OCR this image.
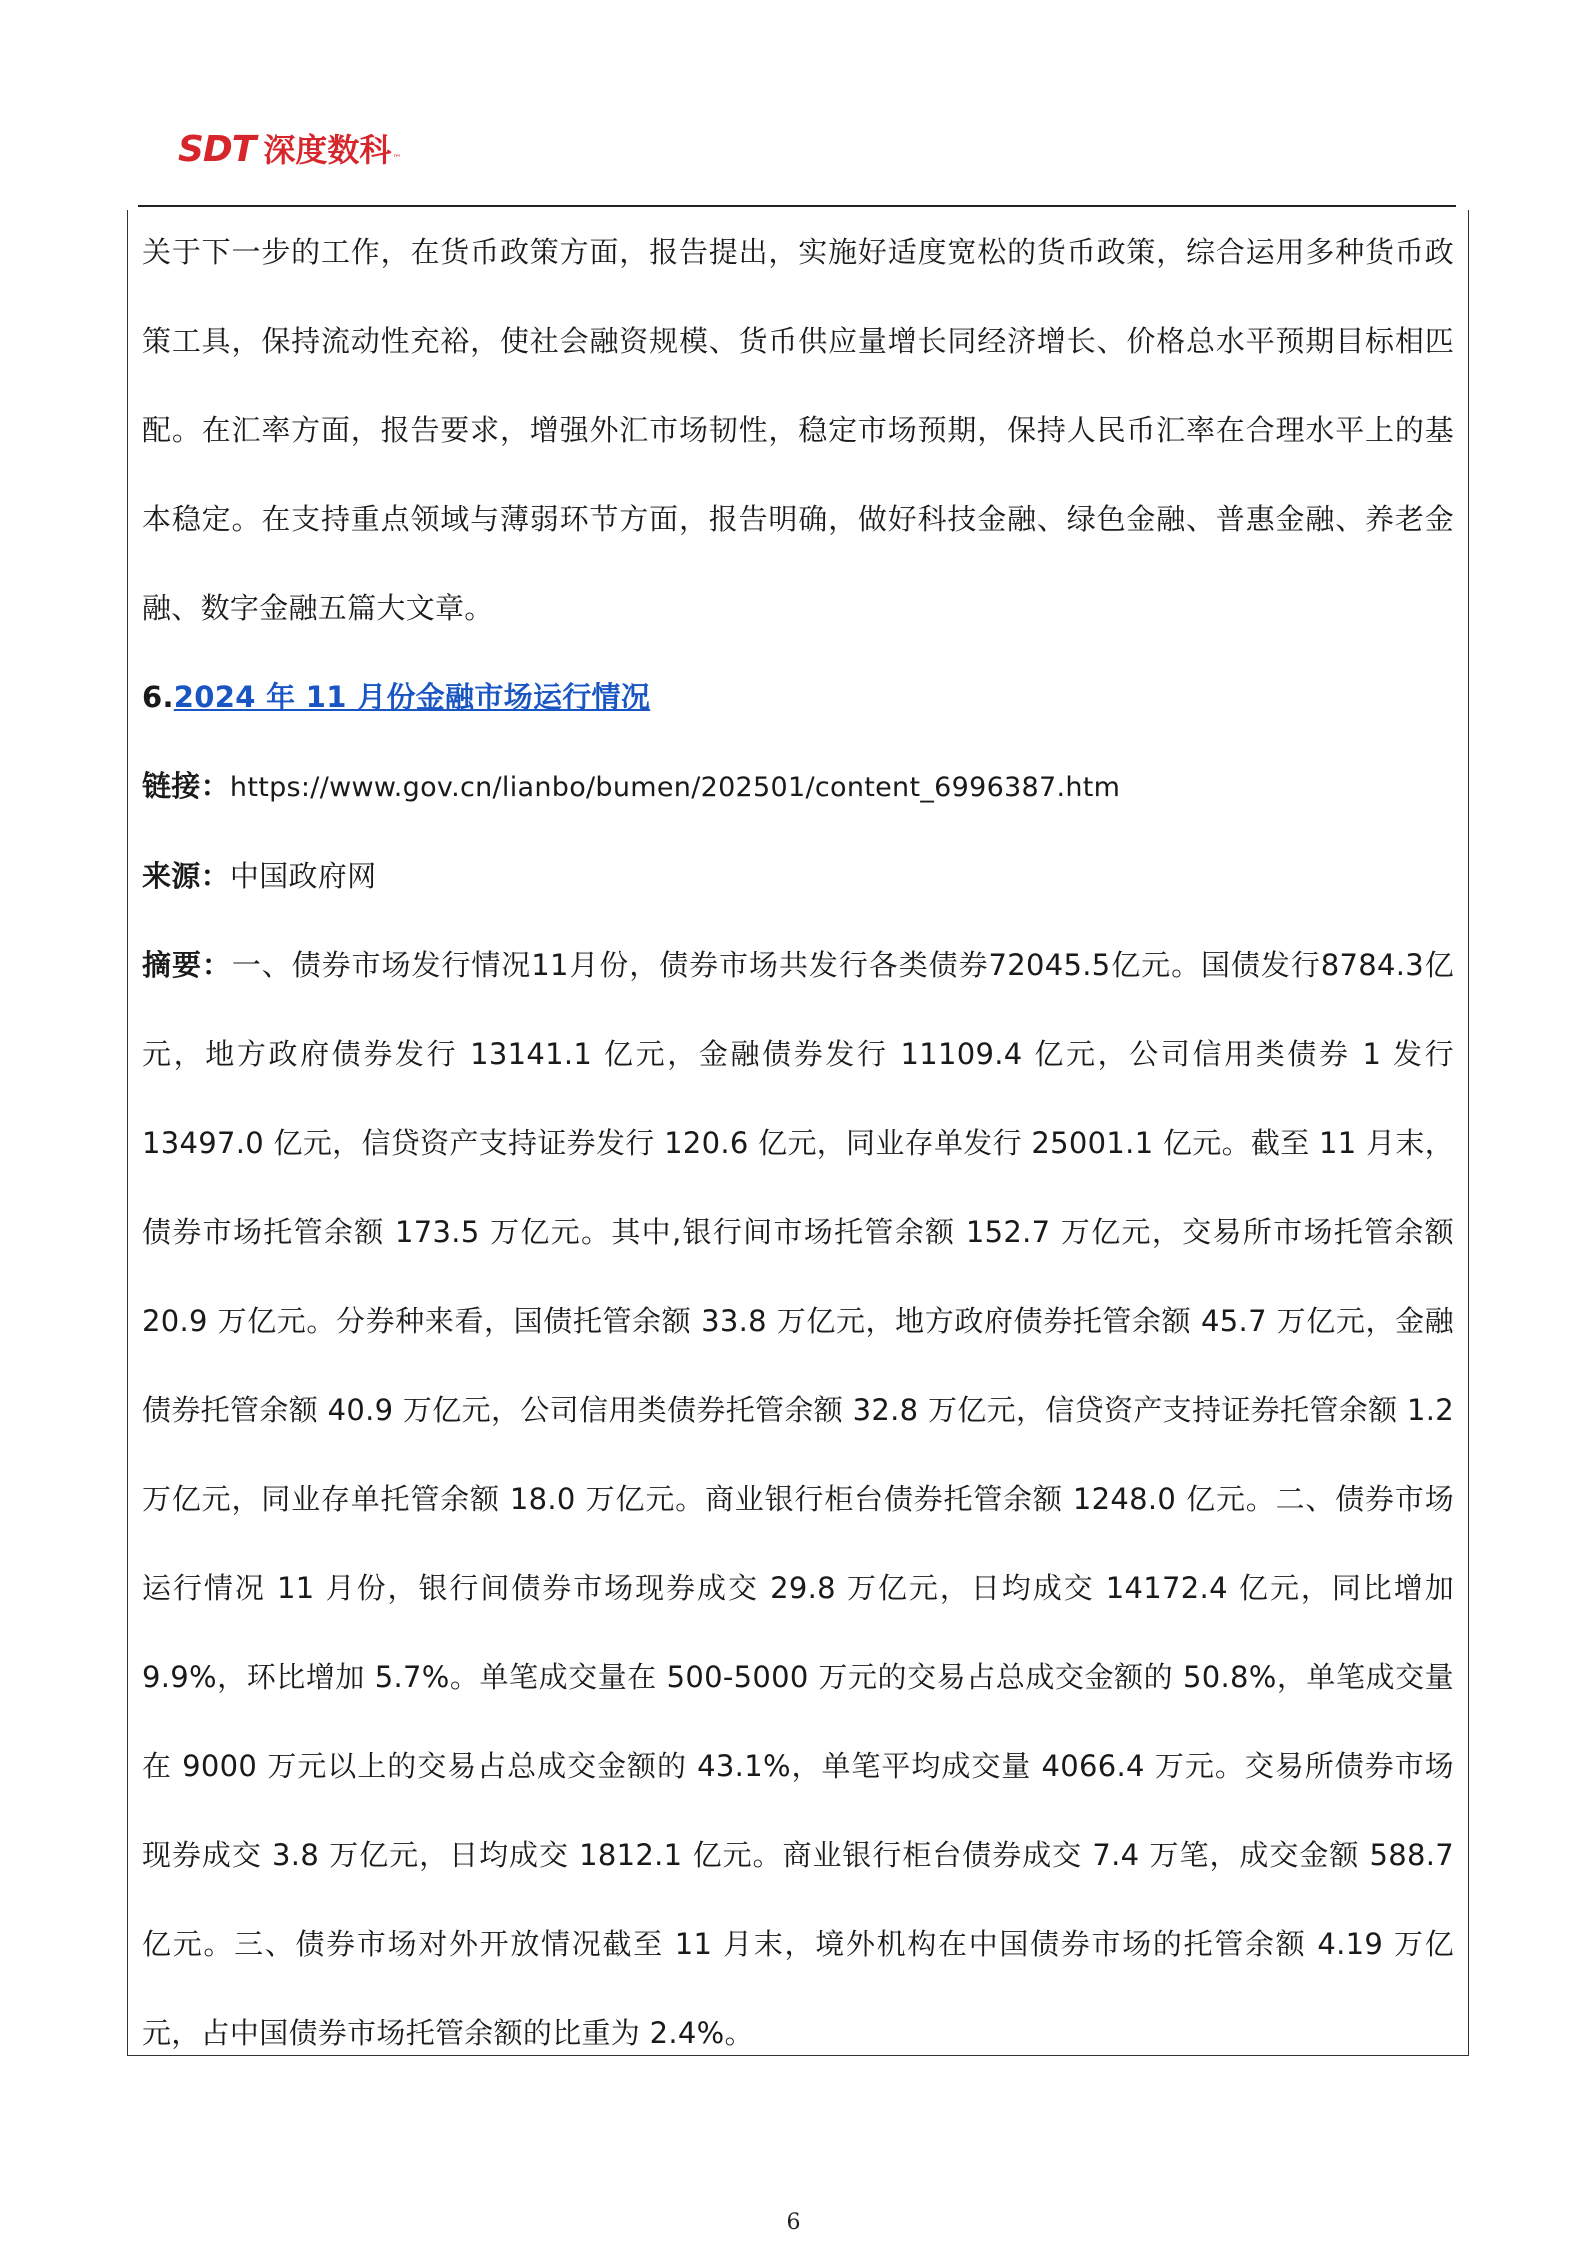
SDT 深度数科 ™

关于下一步的工作，在货币政策方面，报告提出，实施好适度宽松的货币政策，综合运用多种货币政策工具，保持流动性充裕，使社会融资规模、货币供应量增长同经济增长、价格总水平预期目标相匹配。在汇率方面，报告要求，增强外汇市场韧性，稳定市场预期，保持人民币汇率在合理水平上的基本稳定。在支持重点领域与薄弱环节方面，报告明确，做好科技金融、绿色金融、普惠金融、养老金融、数字金融五篇大文章。

6.2024 年 11 月份金融市场运行情况

链接：https://www.gov.cn/lianbo/bumen/202501/content_6996387.htm

来源：中国政府网

摘要：一、债券市场发行情况11月份，债券市场共发行各类债券72045.5亿元。国债发行8784.3亿元，地方政府债券发行 13141.1 亿元，金融债券发行 11109.4 亿元，公司信用类债券 1 发行 13497.0 亿元，信贷资产支持证券发行 120.6 亿元，同业存单发行 25001.1 亿元。截至 11 月末，债券市场托管余额 173.5 万亿元。其中,银行间市场托管余额 152.7 万亿元，交易所市场托管余额 20.9 万亿元。分券种来看，国债托管余额 33.8 万亿元，地方政府债券托管余额 45.7 万亿元，金融债券托管余额 40.9 万亿元，公司信用类债券托管余额 32.8 万亿元，信贷资产支持证券托管余额 1.2 万亿元，同业存单托管余额 18.0 万亿元。商业银行柜台债券托管余额 1248.0 亿元。二、债券市场运行情况 11 月份，银行间债券市场现券成交 29.8 万亿元，日均成交 14172.4 亿元，同比增加 9.9%，环比增加 5.7%。单笔成交量在 500-5000 万元的交易占总成交金额的 50.8%，单笔成交量在 9000 万元以上的交易占总成交金额的 43.1%，单笔平均成交量 4066.4 万元。交易所债券市场现券成交 3.8 万亿元，日均成交 1812.1 亿元。商业银行柜台债券成交 7.4 万笔，成交金额 588.7 亿元。三、债券市场对外开放情况截至 11 月末，境外机构在中国债券市场的托管余额 4.19 万亿元，占中国债券市场托管余额的比重为 2.4%。

6
